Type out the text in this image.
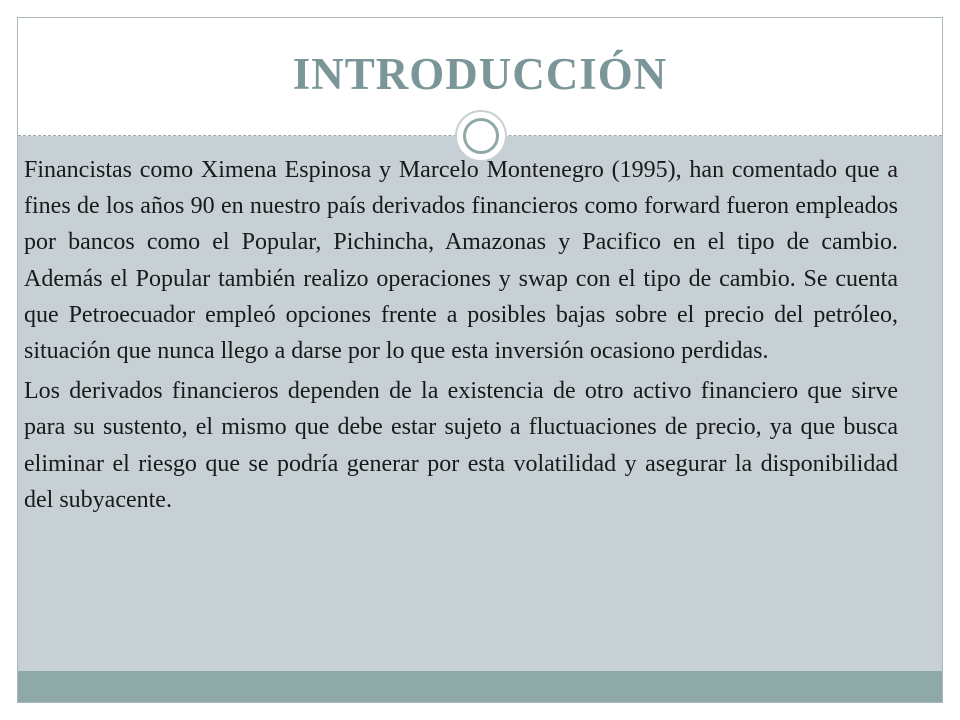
INTRODUCCIÓN

Financistas como Ximena Espinosa y Marcelo Montenegro (1995), han comentado que a fines de los años 90 en nuestro país derivados financieros como forward fueron empleados por bancos como el Popular, Pichincha, Amazonas y Pacifico en el tipo de cambio. Además el Popular también realizo operaciones y swap con el tipo de cambio. Se cuenta que Petroecuador empleó opciones frente a posibles bajas sobre el precio del petróleo, situación que nunca llego a darse por lo que esta inversión ocasiono perdidas.

Los derivados financieros dependen de la existencia de otro activo financiero que sirve para su sustento, el mismo que debe estar sujeto a fluctuaciones de precio, ya que busca eliminar el riesgo que se podría generar por esta volatilidad y asegurar la disponibilidad del subyacente.
